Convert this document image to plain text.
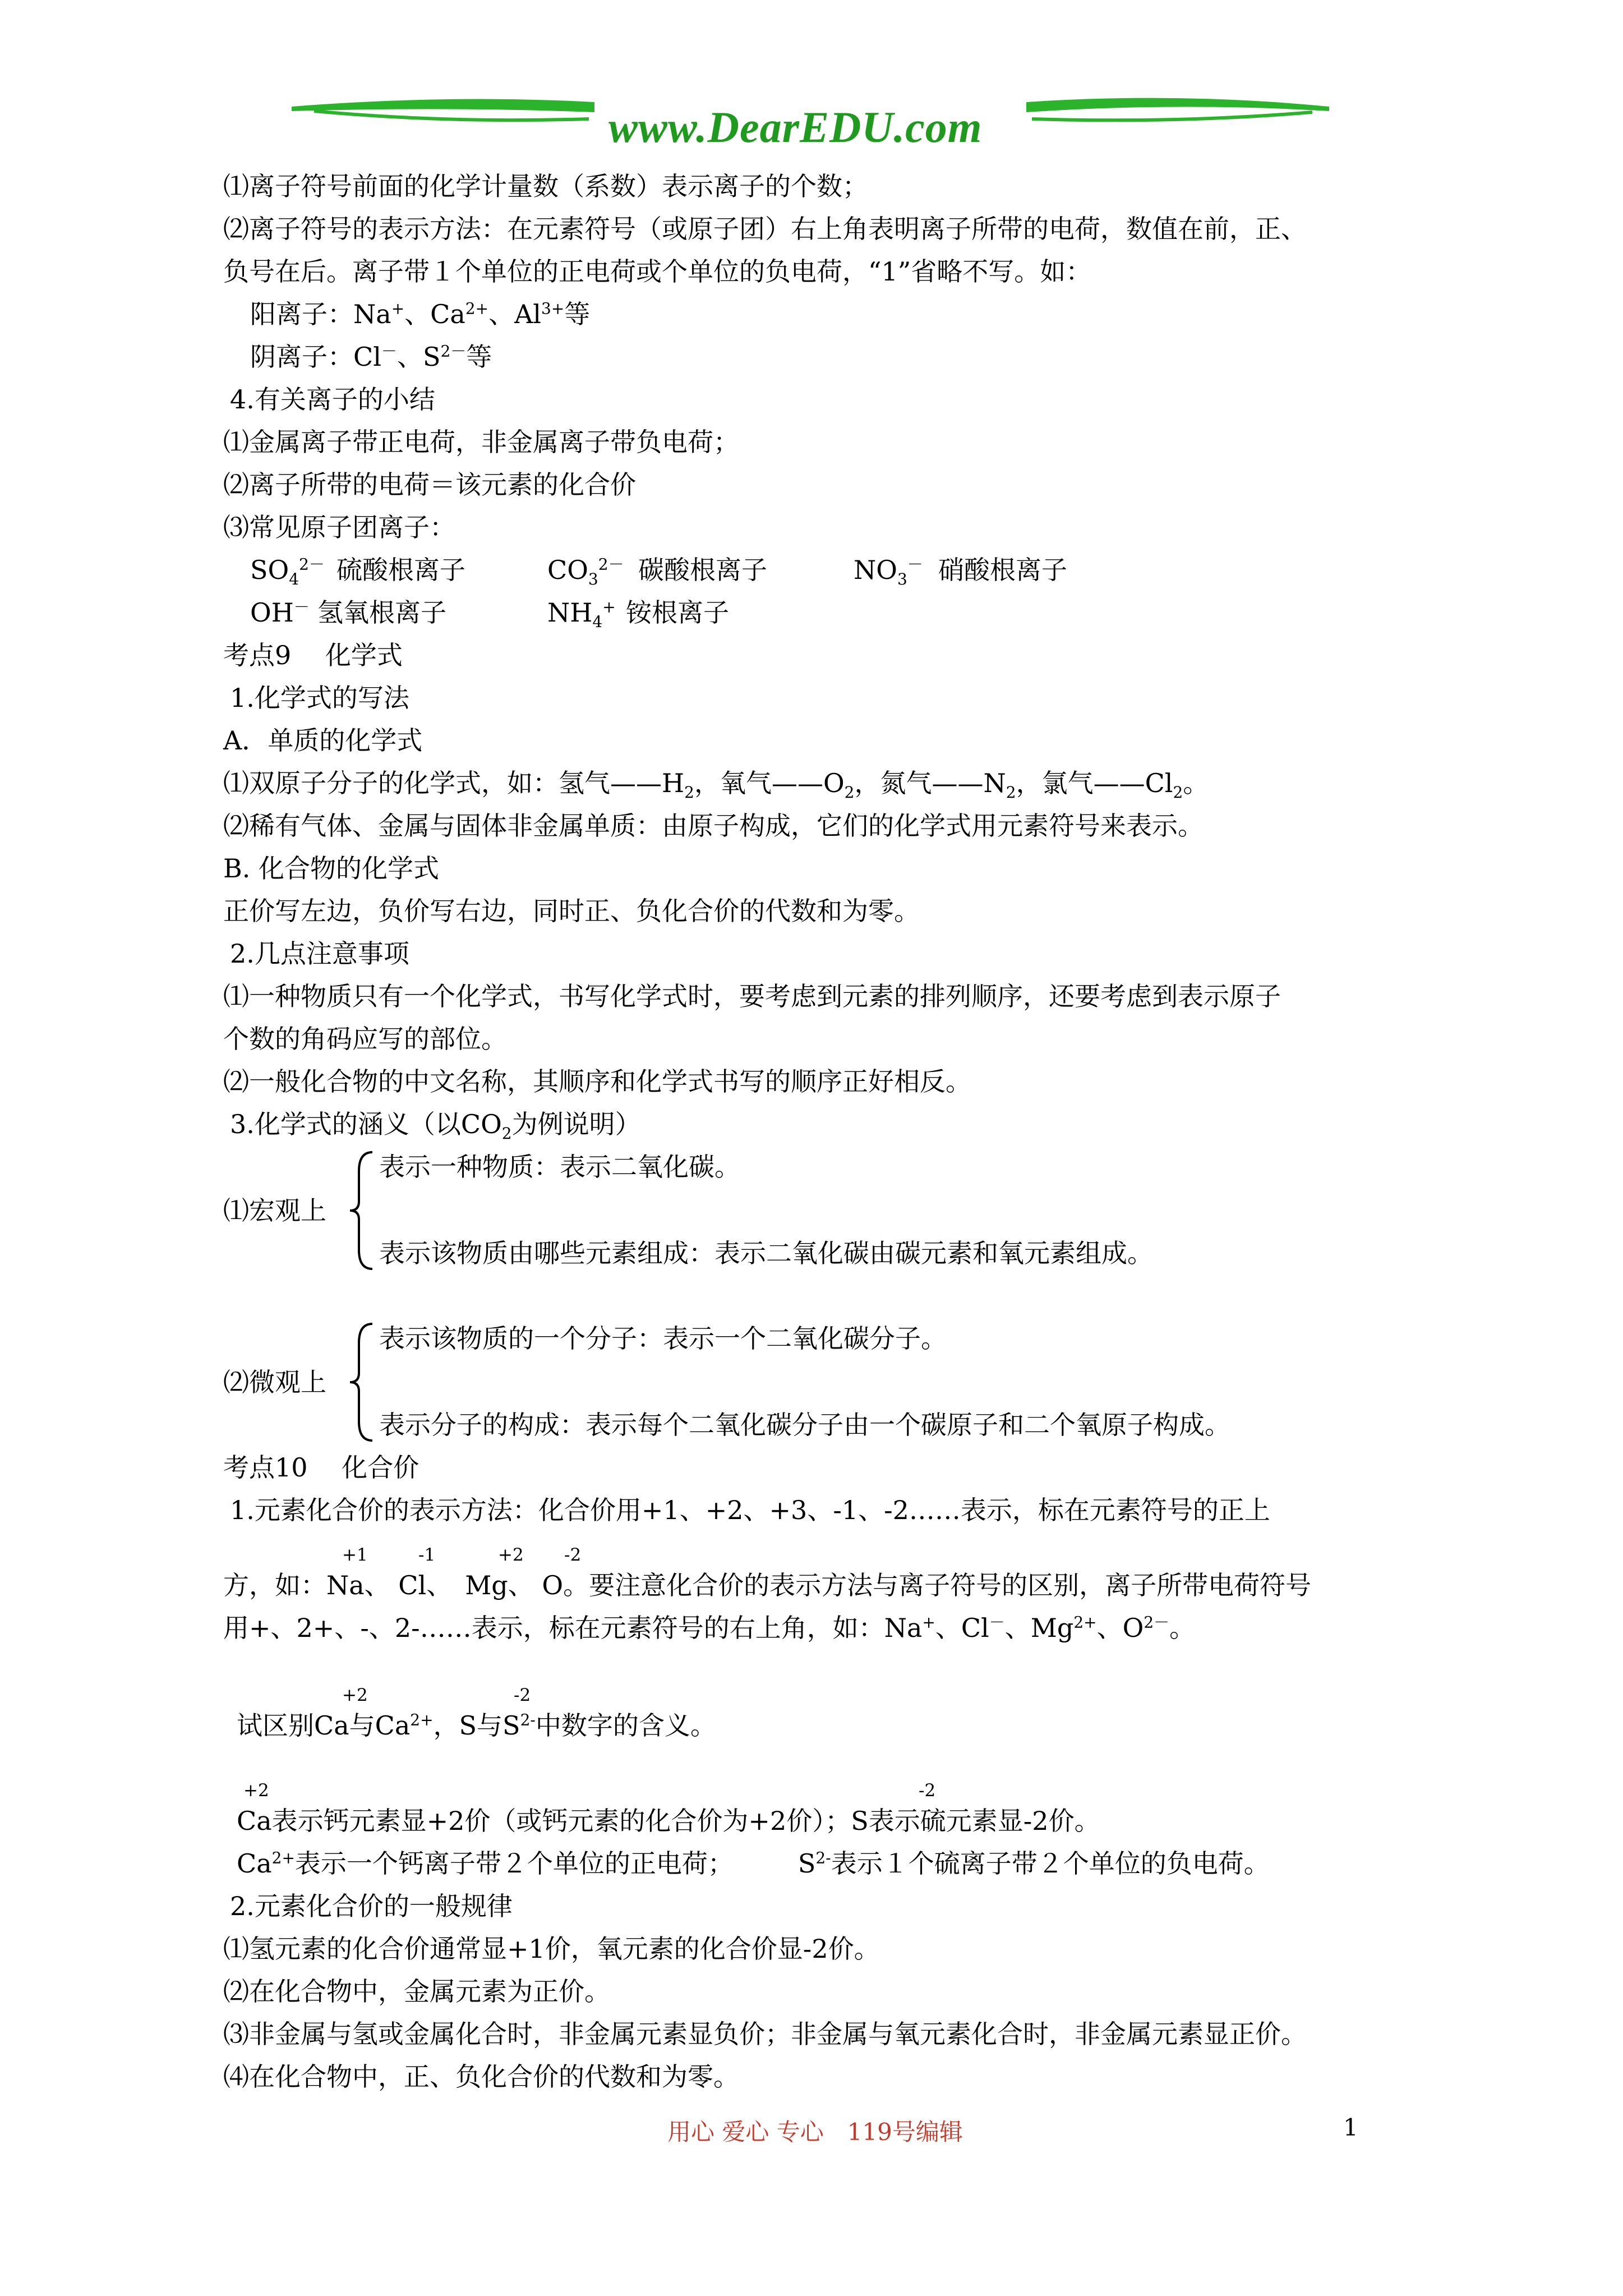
www.DearEDU.com
⑴离子符号前面的化学计量数（系数）表示离子的个数；
⑵离子符号的表示方法：在元素符号（或原子团）右上角表明离子所带的电荷，数值在前，正、
负号在后。离子带１个单位的正电荷或个单位的负电荷，“1”省略不写。如：
阳离子：Na+、$Ca^{2+}$、$Al^{3+}$等
阴离子：Cl－、$S^{2-}$等
4.有关离子的小结
⑴金属离子带正电荷，非金属离子带负电荷；
⑵离子所带的电荷＝该元素的化合价
⑶常见原子团离子：
$SO_4^{2-}$ 硫酸根离子	$CO_3^{2-}$ 碳酸根离子	$NO_3^-$ 硝酸根离子
OH－ 氢氧根离子	$NH_4^+$ 铵根离子
考点9　 化学式
1.化学式的写法
A．单质的化学式
⑴双原子分子的化学式，如：氢气$——H_2$，氧气$——O_2$，氮气$——N_2$，氯气$——Cl_2$。
⑵稀有气体、金属与固体非金属单质：由原子构成，它们的化学式用元素符号来表示。
B. 化合物的化学式
正价写左边，负价写右边，同时正、负化合价的代数和为零。
2.几点注意事项
⑴一种物质只有一个化学式，书写化学式时，要考虑到元素的排列顺序，还要考虑到表示原子
个数的角码应写的部位。
⑵一般化合物的中文名称，其顺序和化学式书写的顺序正好相反。
3.化学式的涵义（以$CO_2$为例说明）
⑴宏观上
表示一种物质：表示二氧化碳。
表示该物质由哪些元素组成：表示二氧化碳由碳元素和氧元素组成。
⑵微观上
表示该物质的一个分子：表示一个二氧化碳分子。
表示分子的构成：表示每个二氧化碳分子由一个碳原子和二个氧原子构成。
考点10　 化合价
1.元素化合价的表示方法：化合价用+1、+2、+3、-1、-2……表示，标在元素符号的正上
+1	-1	+2 -2
方，如：Na、 Cl、　Mg、 O。要注意化合价的表示方法与离子符号的区别，离子所带电荷符号
用+、2+、-、2-……表示，标在元素符号的右上角，如：Na+、Cl－、$Mg^{2+}$、$O^{2-}$。
+2	-2
试区别Ca与$Ca^{2+}$，S与$S^{2-}$中数字的含义。
+2	-2
Ca表示钙元素显+2价（或钙元素的化合价为+2价）；S表示硫元素显-2价。
$Ca^{2+}$表示一个钙离子带２个单位的正电荷；　　　$S^{2-}$表示１个硫离子带２个单位的负电荷。
2.元素化合价的一般规律
⑴氢元素的化合价通常显+1价，氧元素的化合价显-2价。
⑵在化合物中，金属元素为正价。
⑶非金属与氢或金属化合时，非金属元素显负价；非金属与氧元素化合时，非金属元素显正价。
⑷在化合物中，正、负化合价的代数和为零。
用心 爱心 专心　119号编辑	1
